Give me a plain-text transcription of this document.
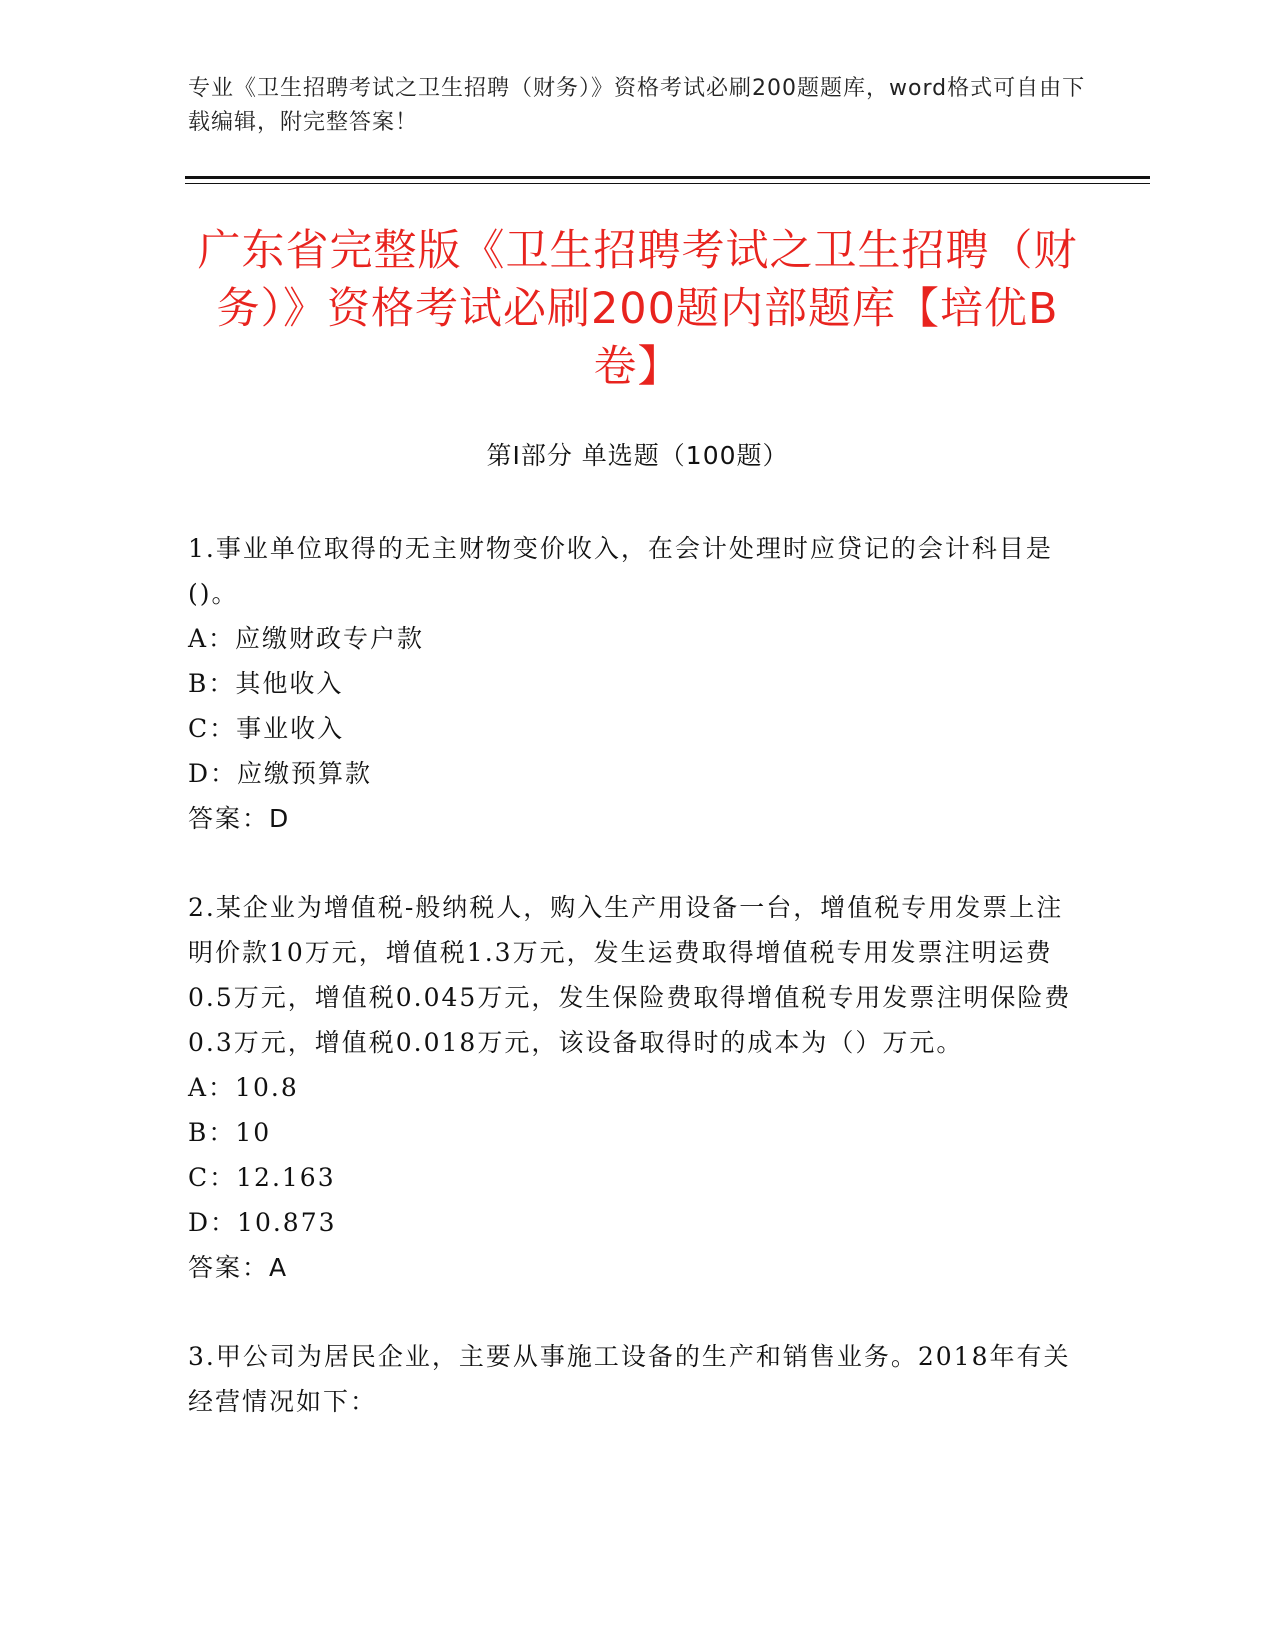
专业《卫生招聘考试之卫生招聘（财务）》资格考试必刷200题题库，word格式可自由下载编辑，附完整答案！
广东省完整版《卫生招聘考试之卫生招聘（财务）》资格考试必刷200题内部题库【培优B卷】
第Ⅰ部分 单选题（100题）
1.事业单位取得的无主财物变价收入，在会计处理时应贷记的会计科目是()。
A：应缴财政专户款
B：其他收入
C：事业收入
D：应缴预算款
答案：D
2.某企业为增值税-般纳税人，购入生产用设备一台，增值税专用发票上注明价款10万元，增值税1.3万元，发生运费取得增值税专用发票注明运费0.5万元，增值税0.045万元，发生保险费取得增值税专用发票注明保险费0.3万元，增值税0.018万元，该设备取得时的成本为（）万元。
A：10.8
B：10
C：12.163
D：10.873
答案：A
3.甲公司为居民企业，主要从事施工设备的生产和销售业务。2018年有关经营情况如下：
